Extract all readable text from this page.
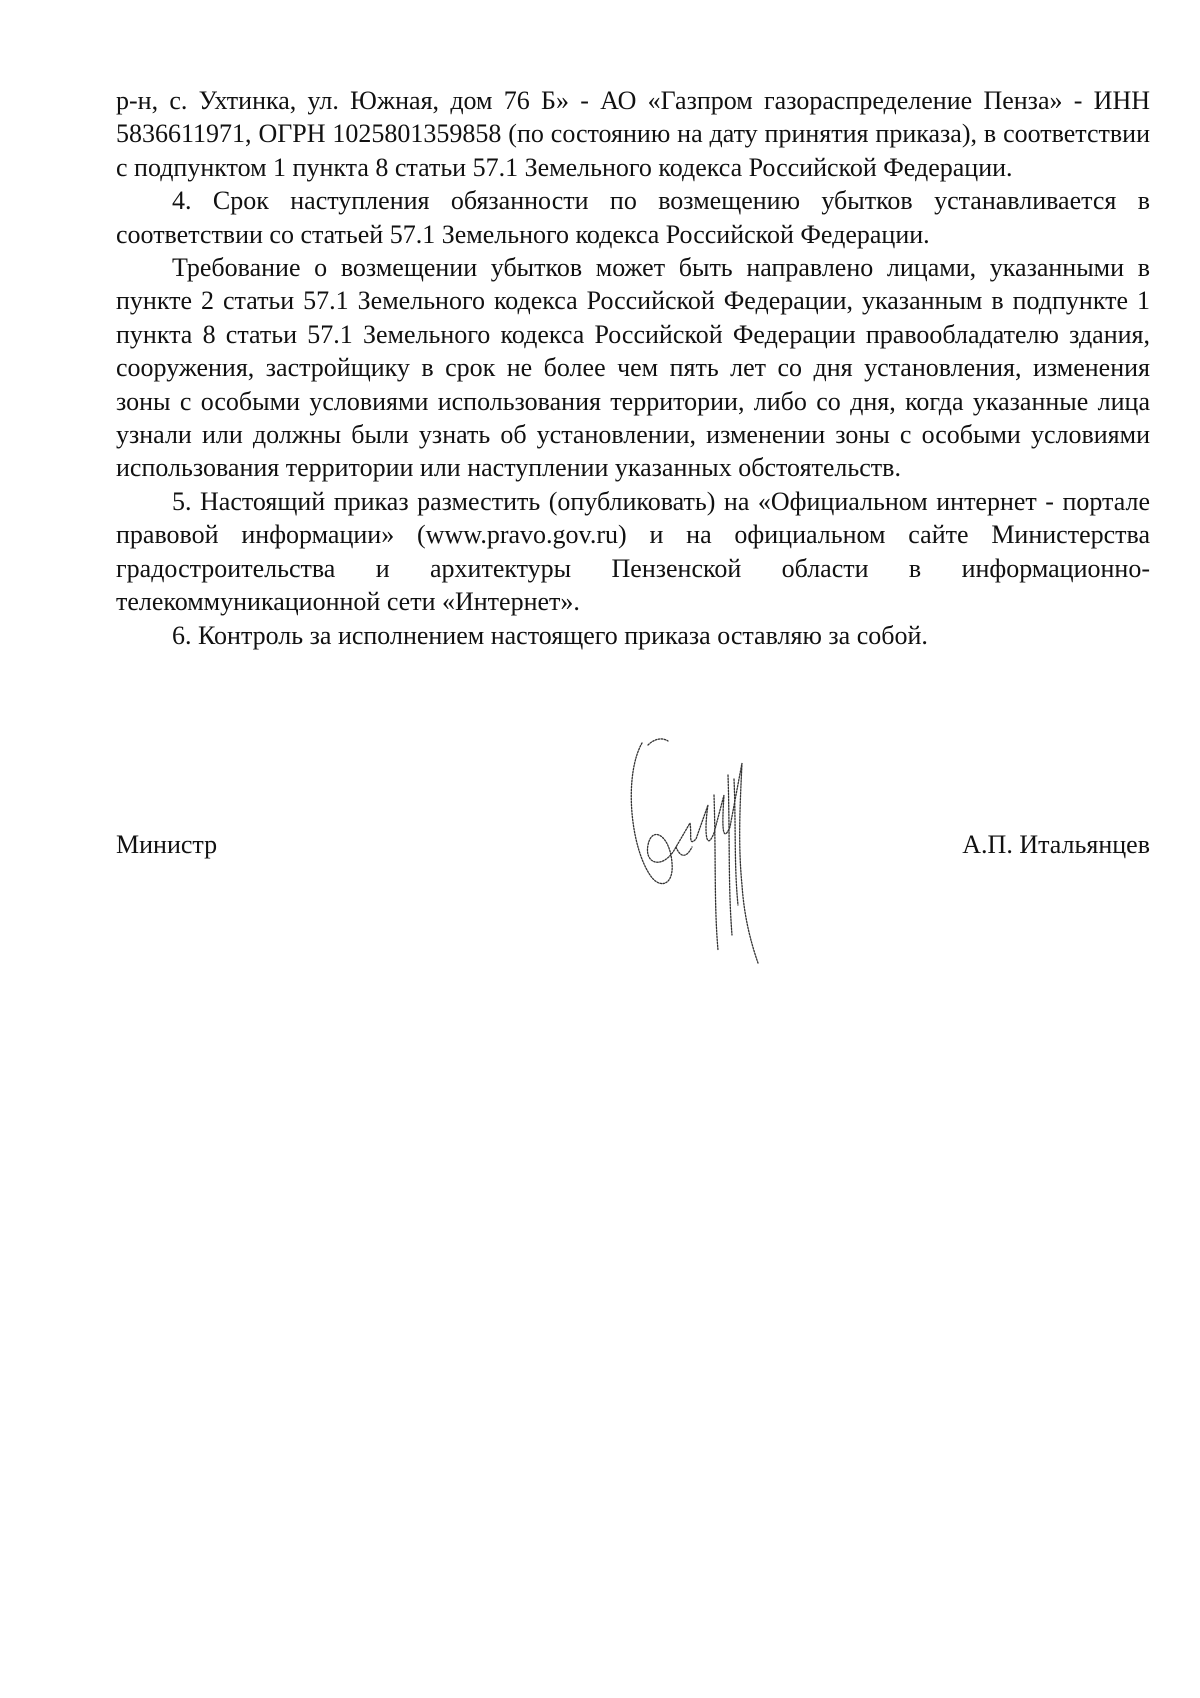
р-н, с. Ухтинка, ул. Южная, дом 76 Б» - АО «Газпром газораспределение Пенза» - ИНН 5836611971, ОГРН 1025801359858 (по состоянию на дату принятия приказа), в соответствии с подпунктом 1 пункта 8 статьи 57.1 Земельного кодекса Российской Федерации.

4. Срок наступления обязанности по возмещению убытков устанавливается в соответствии со статьей 57.1 Земельного кодекса Российской Федерации.

Требование о возмещении убытков может быть направлено лицами, указанными в пункте 2 статьи 57.1 Земельного кодекса Российской Федерации, указанным в подпункте 1 пункта 8 статьи 57.1 Земельного кодекса Российской Федерации правообладателю здания, сооружения, застройщику в срок не более чем пять лет со дня установления, изменения зоны с особыми условиями использования территории, либо со дня, когда указанные лица узнали или должны были узнать об установлении, изменении зоны с особыми условиями использования территории или наступлении указанных обстоятельств.

5. Настоящий приказ разместить (опубликовать) на «Официальном интернет - портале правовой информации» (www.pravo.gov.ru) и на официальном сайте Министерства градостроительства и архитектуры Пензенской области в информационно-телекоммуникационной сети «Интернет».

6. Контроль за исполнением настоящего приказа оставляю за собой.

Министр	А.П. Итальянцев
